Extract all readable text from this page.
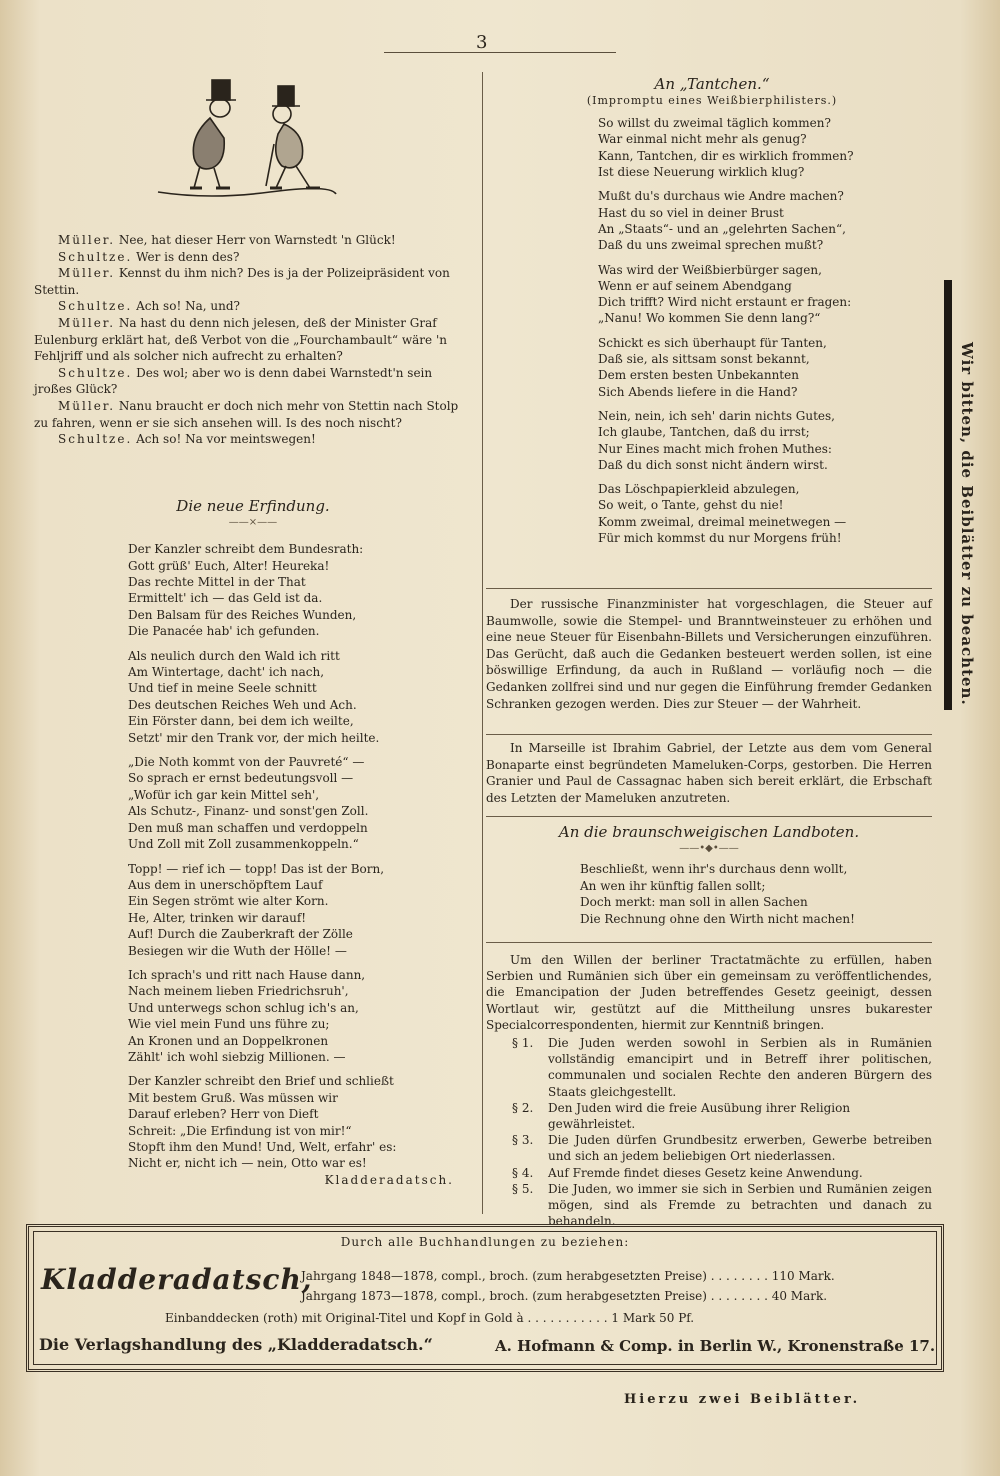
3

Müller. Nee, hat dieser Herr von Warnstedt 'n Glück!

Schultze. Wer is denn des?

Müller. Kennst du ihm nich? Des is ja der Polizeipräsident von Stettin.

Schultze. Ach so! Na, und?

Müller. Na hast du denn nich jelesen, deß der Minister Graf Eulenburg erklärt hat, deß Verbot von die „Fourchambault“ wäre 'n Fehljriff und als solcher nich aufrecht zu erhalten?

Schultze. Des wol; aber wo is denn dabei Warnstedt'n sein jroßes Glück?

Müller. Nanu braucht er doch nich mehr von Stettin nach Stolp zu fahren, wenn er sie sich ansehen will. Is des noch nischt?

Schultze. Ach so! Na vor meintswegen!

Die neue Erfindung.

——×——

Der Kanzler schreibt dem Bundesrath:

Gott grüß' Euch, Alter! Heureka!

Das rechte Mittel in der That

Ermittelt' ich — das Geld ist da.

Den Balsam für des Reiches Wunden,

Die Panacée hab' ich gefunden.

Als neulich durch den Wald ich ritt

Am Wintertage, dacht' ich nach,

Und tief in meine Seele schnitt

Des deutschen Reiches Weh und Ach.

Ein Förster dann, bei dem ich weilte,

Setzt' mir den Trank vor, der mich heilte.

„Die Noth kommt von der Pauvreté“ —

So sprach er ernst bedeutungsvoll —

„Wofür ich gar kein Mittel seh',

Als Schutz-, Finanz- und sonst'gen Zoll.

Den muß man schaffen und verdoppeln

Und Zoll mit Zoll zusammenkoppeln.“

Topp! — rief ich — topp! Das ist der Born,

Aus dem in unerschöpftem Lauf

Ein Segen strömt wie alter Korn.

He, Alter, trinken wir darauf!

Auf! Durch die Zauberkraft der Zölle

Besiegen wir die Wuth der Hölle! —

Ich sprach's und ritt nach Hause dann,

Nach meinem lieben Friedrichsruh',

Und unterwegs schon schlug ich's an,

Wie viel mein Fund uns führe zu;

An Kronen und an Doppelkronen

Zählt' ich wohl siebzig Millionen. —

Der Kanzler schreibt den Brief und schließt

Mit bestem Gruß. Was müssen wir

Darauf erleben? Herr von Dieft

Schreit: „Die Erfindung ist von mir!“

Stopft ihm den Mund! Und, Welt, erfahr' es:

Nicht er, nicht ich — nein, Otto war es!

Kladderadatsch.

An „Tantchen.“

(Impromptu eines Weißbierphilisters.)

So willst du zweimal täglich kommen?

War einmal nicht mehr als genug?

Kann, Tantchen, dir es wirklich frommen?

Ist diese Neuerung wirklich klug?

Mußt du's durchaus wie Andre machen?

Hast du so viel in deiner Brust

An „Staats“- und an „gelehrten Sachen“,

Daß du uns zweimal sprechen mußt?

Was wird der Weißbierbürger sagen,

Wenn er auf seinem Abendgang

Dich trifft? Wird nicht erstaunt er fragen:

„Nanu! Wo kommen Sie denn lang?“

Schickt es sich überhaupt für Tanten,

Daß sie, als sittsam sonst bekannt,

Dem ersten besten Unbekannten

Sich Abends liefere in die Hand?

Nein, nein, ich seh' darin nichts Gutes,

Ich glaube, Tantchen, daß du irrst;

Nur Eines macht mich frohen Muthes:

Daß du dich sonst nicht ändern wirst.

Das Löschpapierkleid abzulegen,

So weit, o Tante, gehst du nie!

Komm zweimal, dreimal meinetwegen —

Für mich kommst du nur Morgens früh!

Der russische Finanzminister hat vorgeschlagen, die Steuer auf Baumwolle, sowie die Stempel- und Branntweinsteuer zu erhöhen und eine neue Steuer für Eisenbahn-Billets und Versicherungen einzuführen. Das Gerücht, daß auch die Gedanken besteuert werden sollen, ist eine böswillige Erfindung, da auch in Rußland — vorläufig noch — die Gedanken zollfrei sind und nur gegen die Einführung fremder Gedanken Schranken gezogen werden. Dies zur Steuer — der Wahrheit.

In Marseille ist Ibrahim Gabriel, der Letzte aus dem vom General Bonaparte einst begründeten Mameluken-Corps, gestorben. Die Herren Granier und Paul de Cassagnac haben sich bereit erklärt, die Erbschaft des Letzten der Mameluken anzutreten.

An die braunschweigischen Landboten.

——•◆•——

Beschließt, wenn ihr's durchaus denn wollt,

An wen ihr künftig fallen sollt;

Doch merkt: man soll in allen Sachen

Die Rechnung ohne den Wirth nicht machen!

Um den Willen der berliner Tractatmächte zu erfüllen, haben Serbien und Rumänien sich über ein gemeinsam zu veröffentlichendes, die Emancipation der Juden betreffendes Gesetz geeinigt, dessen Wortlaut wir, gestützt auf die Mittheilung unsres bukarester Specialcorrespondenten, hiermit zur Kenntniß bringen.

§ 1.	Die Juden werden sowohl in Serbien als in Rumänien vollständig emancipirt und in Betreff ihrer politischen, communalen und socialen Rechte den anderen Bürgern des Staats gleichgestellt.
§ 2.	Den Juden wird die freie Ausübung ihrer Religion gewährleistet.
§ 3.	Die Juden dürfen Grundbesitz erwerben, Gewerbe betreiben und sich an jedem beliebigen Ort niederlassen.
§ 4.	Auf Fremde findet dieses Gesetz keine Anwendung.
§ 5.	Die Juden, wo immer sie sich in Serbien und Rumänien zeigen mögen, sind als Fremde zu betrachten und danach zu behandeln.
Wir bitten, die Beiblätter zu beachten.
Durch alle Buchhandlungen zu beziehen:
Kladderadatsch,
Jahrgang 1848—1878, compl., broch. (zum herabgesetzten Preise) . . . . . . . . 110 Mark.
Jahrgang 1873—1878, compl., broch. (zum herabgesetzten Preise) . . . . . . . . 40 Mark.
Einbanddecken (roth) mit Original-Titel und Kopf in Gold à . . . . . . . . . . . 1 Mark 50 Pf.
Die Verlagshandlung des „Kladderadatsch.“	A. Hofmann & Comp. in Berlin W., Kronenstraße 17.
Hierzu zwei Beiblätter.
